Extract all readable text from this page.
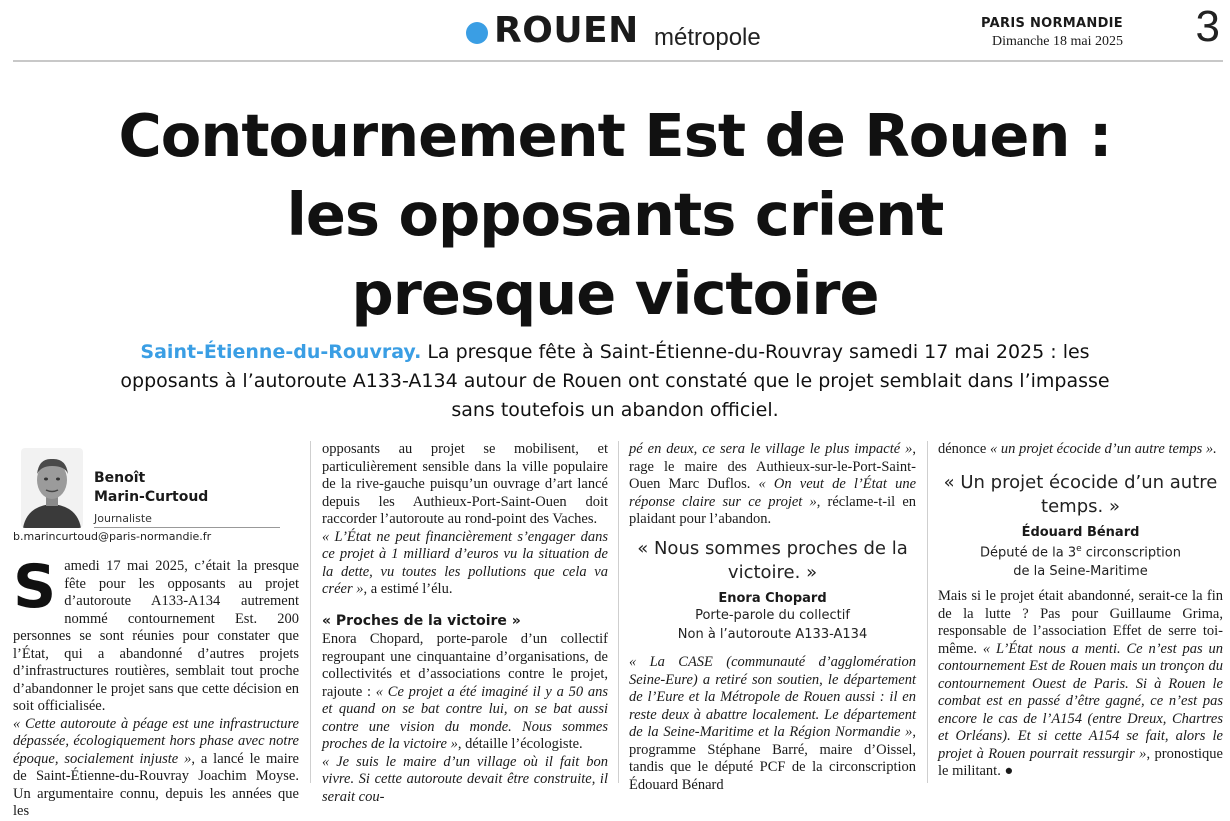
ROUEN métropole
PARIS NORMANDIE
Dimanche 18 mai 2025 3
Contournement Est de Rouen :
les opposants crient
presque victoire
Saint-Étienne-du-Rouvray. La presque fête à Saint-Étienne-du-Rouvray samedi 17 mai 2025 : les opposants à l’autoroute A133-A134 autour de Rouen ont constaté que le projet semblait dans l’impasse sans toutefois un abandon officiel.
Benoît
Marin-Curtoud
Journaliste
b.marincurtoud@paris-normandie.fr

Samedi 17 mai 2025, c’était la presque fête pour les opposants au projet d’autoroute A133-A134 autrement nommé contournement Est. 200 personnes se sont réunies pour constater que l’État, qui a abandonné d’autres projets d’infrastructures routières, semblait tout proche d’abandonner le projet sans que cette décision en soit officialisée.

« Cette autoroute à péage est une infrastructure dépassée, écologiquement hors phase avec notre époque, socialement injuste », a lancé le maire de Saint-Étienne-du-Rouvray Joachim Moyse. Un argumentaire connu, depuis les années que les

opposants au projet se mobilisent, et particulièrement sensible dans la ville populaire de la rive-gauche puisqu’un ouvrage d’art lancé depuis les Authieux-Port-Saint-Ouen doit raccorder l’autoroute au rond-point des Vaches.

« L’État ne peut financièrement s’engager dans ce projet à 1 milliard d’euros vu la situation de la dette, vu toutes les pollutions que cela va créer », a estimé l’élu.

« Proches de la victoire »

Enora Chopard, porte-parole d’un collectif regroupant une cinquantaine d’organisations, de collectivités et d’associations contre le projet, rajoute : « Ce projet a été imaginé il y a 50 ans et quand on se bat contre lui, on se bat aussi contre une vision du monde. Nous sommes proches de la victoire », détaille l’écologiste.

« Je suis le maire d’un village où il fait bon vivre. Si cette autoroute devait être construite, il serait cou-

pé en deux, ce sera le village le plus impacté », rage le maire des Authieux-sur-le-Port-Saint-Ouen Marc Duflos. « On veut de l’État une réponse claire sur ce projet », réclame-t-il en plaidant pour l’abandon.

« Nous sommes proches de la victoire. »
Enora Chopard
Porte-parole du collectif
Non à l’autoroute A133-A134

« La CASE (communauté d’agglomération Seine-Eure) a retiré son soutien, le département de l’Eure et la Métropole de Rouen aussi : il en reste deux à abattre localement. Le département de la Seine-Maritime et la Région Normandie », programme Stéphane Barré, maire d’Oissel, tandis que le député PCF de la circonscription Édouard Bénard

dénonce « un projet écocide d’un autre temps ».

« Un projet écocide d’un autre temps. »
Édouard Bénard
Député de la 3e circonscription
de la Seine-Maritime

Mais si le projet était abandonné, serait-ce la fin de la lutte ? Pas pour Guillaume Grima, responsable de l’association Effet de serre toi-même. « L’État nous a menti. Ce n’est pas un contournement Est de Rouen mais un tronçon du contournement Ouest de Paris. Si à Rouen le combat est en passé d’être gagné, ce n’est pas encore le cas de l’A154 (entre Dreux, Chartres et Orléans). Et si cette A154 se fait, alors le projet à Rouen pourrait ressurgir », pronostique le militant. ●
